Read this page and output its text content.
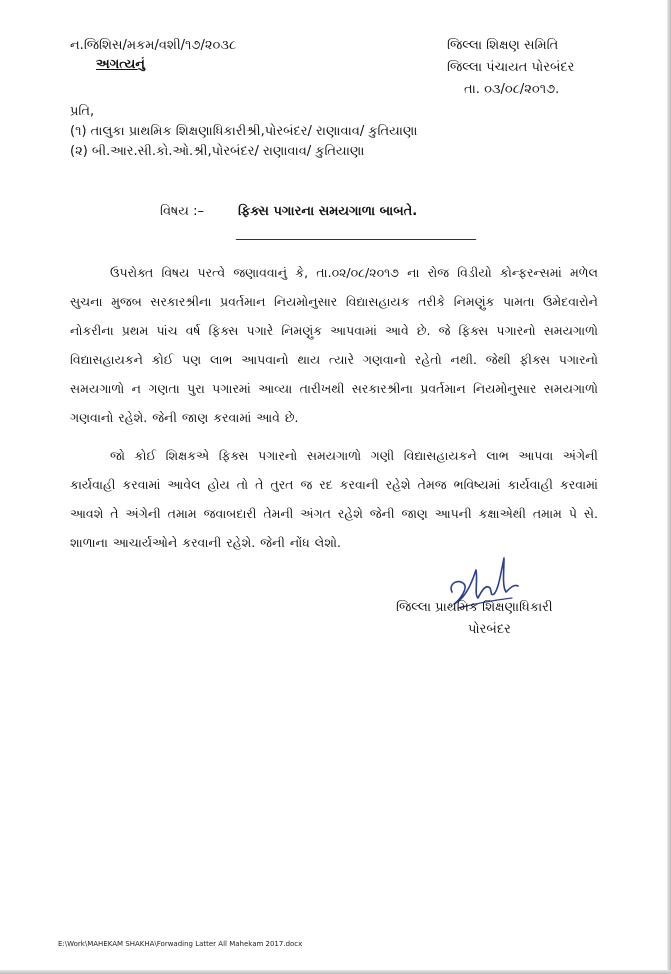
ન.જિશિસ/મકમ/વશી/૧૭/૨૦૩૮
અગત્યનું
જિલ્લા શિક્ષણ સમિતિ
જિલ્લા પંચાયત પોરબંદર
તા. ૦૩/૦૮/૨૦૧૭.
પ્રતિ,
(૧) તાલુકા પ્રાથમિક શિક્ષણાધિકારીશ્રી,પોરબંદર/ રાણાવાવ/ કુતિયાણા
(૨) બી.આર.સી.કો.ઓ.શ્રી,પોરબંદર/ રાણાવાવ/ કુતિયાણા
વિષય :–	ફિક્સ પગારના સમયગાળા બાબતે.
________________________________________

ઉપરોક્ત વિષય પરત્વે જણાવવાનું કે, તા.૦૨/૦૮/૨૦૧૭ ના રોજ વિડીયો કોન્ફરન્સમાં મળેલ સુચના મુજબ સરકારશ્રીના પ્રવર્તમાન નિયમોનુસાર વિદ્યાસહાયક તરીકે નિમણુંક પામતા ઉમેદવારોને નોકરીના પ્રથમ પાંચ વર્ષ ફિક્સ પગારે નિમણુંક આપવામાં આવે છે. જે ફિક્સ પગારનો સમયગાળો વિદ્યાસહાયકને કોઈ પણ લાભ આપવાનો થાય ત્યારે ગણવાનો રહેતો નથી. જેથી ફીક્સ પગારનો સમયગાળો ન ગણતા પુરા પગારમાં આવ્યા તારીખથી સરકારશ્રીના પ્રવર્તમાન નિયમોનુસાર સમયગાળો ગણવાનો રહેશે. જેની જાણ કરવામાં આવે છે.

જો કોઈ શિક્ષકએ ફિક્સ પગારનો સમયગાળો ગણી વિદ્યાસહાયકને લાભ આપવા અંગેની કાર્યવાહી કરવામાં આવેલ હોય તો તે તુરત જ રદ કરવાની રહેશે તેમજ ભવિષ્યમાં કાર્યવાહી કરવામાં આવશે તે અંગેની તમામ જવાબદારી તેમની અંગત રહેશે જેની જાણ આપની કક્ષાએથી તમામ પે સે. શાળાના આચાર્યઓને કરવાની રહેશે. જેની નોંધ લેશો.

જિલ્લા પ્રાથમિક શિક્ષણાધિકારી
પોરબંદર
E:\Work\MAHEKAM SHAKHA\Forwading Latter All Mahekam 2017.docx
